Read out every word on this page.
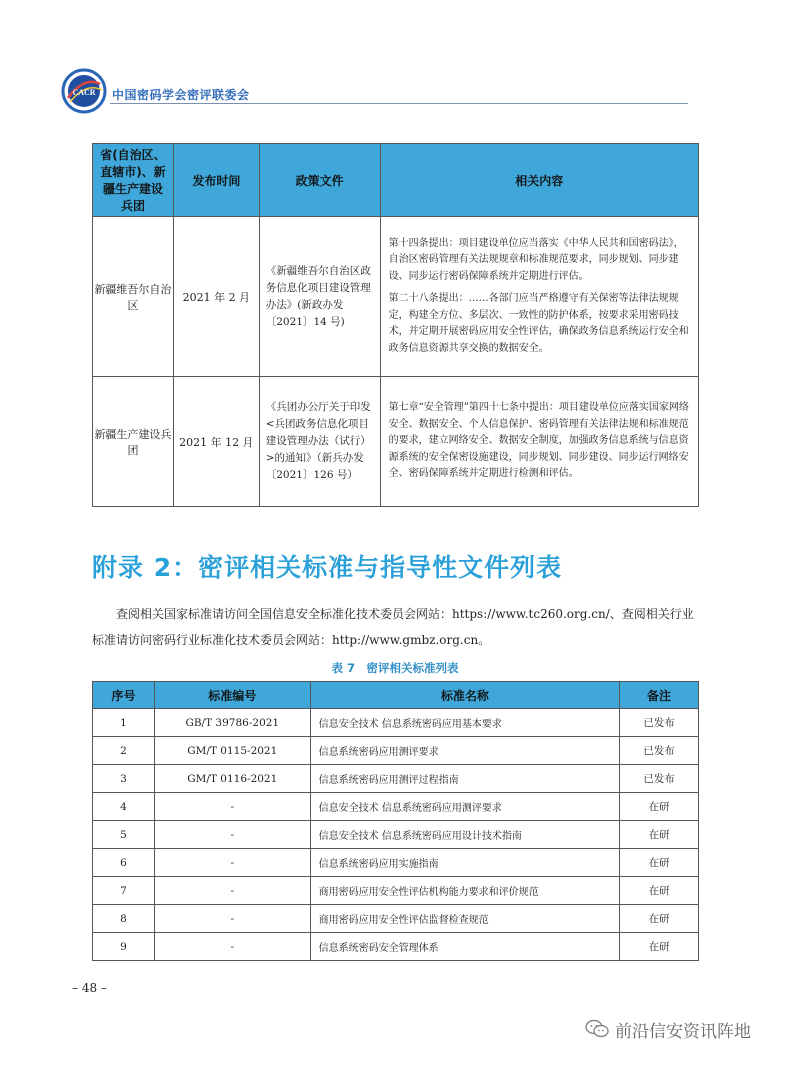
CACR 中国密码学会密评联委会
省(自治区、直辖市)、新疆生产建设兵团	发布时间	政策文件	相关内容
新疆维吾尔自治区	2021 年 2 月	《新疆维吾尔自治区政务信息化项目建设管理办法》(新政办发〔2021〕14 号)	第十四条提出：项目建设单位应当落实《中华人民共和国密码法》，自治区密码管理有关法规规章和标准规范要求，同步规划、同步建设、同步运行密码保障系统并定期进行评估。

第二十八条提出：……各部门应当严格遵守有关保密等法律法规规定，构建全方位、多层次、一致性的防护体系，按要求采用密码技术，并定期开展密码应用安全性评估，确保政务信息系统运行安全和政务信息资源共享交换的数据安全。

新疆生产建设兵团	2021 年 12 月	《兵团办公厅关于印发<兵团政务信息化项目建设管理办法（试行）>的通知》（新兵办发〔2021〕126 号）	第七章“安全管理”第四十七条中提出：项目建设单位应落实国家网络安全、数据安全、个人信息保护、密码管理有关法律法规和标准规范的要求，建立网络安全、数据安全制度，加强政务信息系统与信息资源系统的安全保密设施建设，同步规划、同步建设、同步运行网络安全、密码保障系统并定期进行检测和评估。

附录 2：密评相关标准与指导性文件列表
查阅相关国家标准请访问全国信息安全标准化技术委员会网站：https://www.tc260.org.cn/、查阅相关行业标准请访问密码行业标准化技术委员会网站：http://www.gmbz.org.cn。
表 7　密评相关标准列表
序号	标准编号	标准名称	备注
1	GB/T 39786-2021	信息安全技术 信息系统密码应用基本要求	已发布
2	GM/T 0115-2021	信息系统密码应用测评要求	已发布
3	GM/T 0116-2021	信息系统密码应用测评过程指南	已发布
4	-	信息安全技术 信息系统密码应用测评要求	在研
5	-	信息安全技术 信息系统密码应用设计技术指南	在研
6	-	信息系统密码应用实施指南	在研
7	-	商用密码应用安全性评估机构能力要求和评价规范	在研
8	-	商用密码应用安全性评估监督检查规范	在研
9	-	信息系统密码安全管理体系	在研
– 48 –
前沿信安资讯阵地
